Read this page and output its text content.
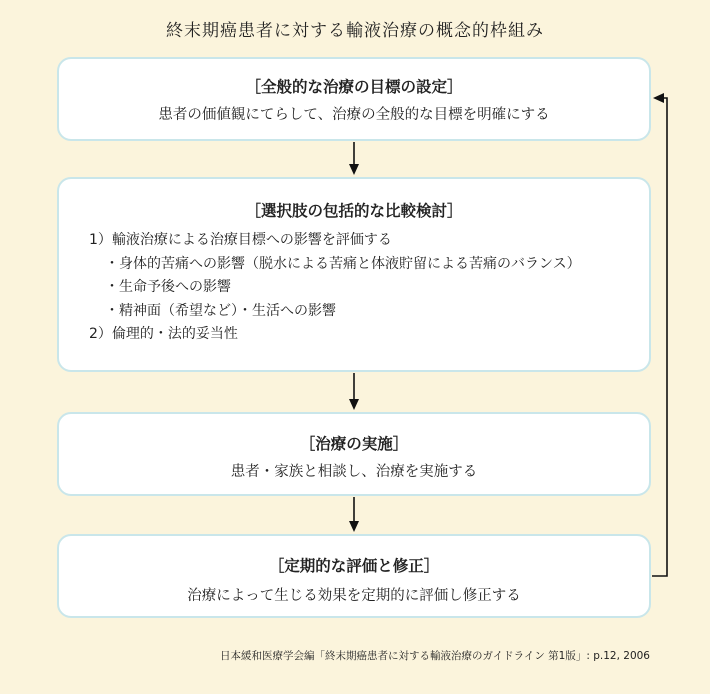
終末期癌患者に対する輸液治療の概念的枠組み
［全般的な治療の目標の設定］
患者の価値観にてらして、治療の全般的な目標を明確にする
［選択肢の包括的な比較検討］
1）輸液治療による治療目標への影響を評価する
・身体的苦痛への影響（脱水による苦痛と体液貯留による苦痛のバランス）
・生命予後への影響
・精神面（希望など）・生活への影響
2）倫理的・法的妥当性
［治療の実施］
患者・家族と相談し、治療を実施する
［定期的な評価と修正］
治療によって生じる効果を定期的に評価し修正する
日本緩和医療学会編「終末期癌患者に対する輸液治療のガイドライン 第1版」: p.12, 2006
